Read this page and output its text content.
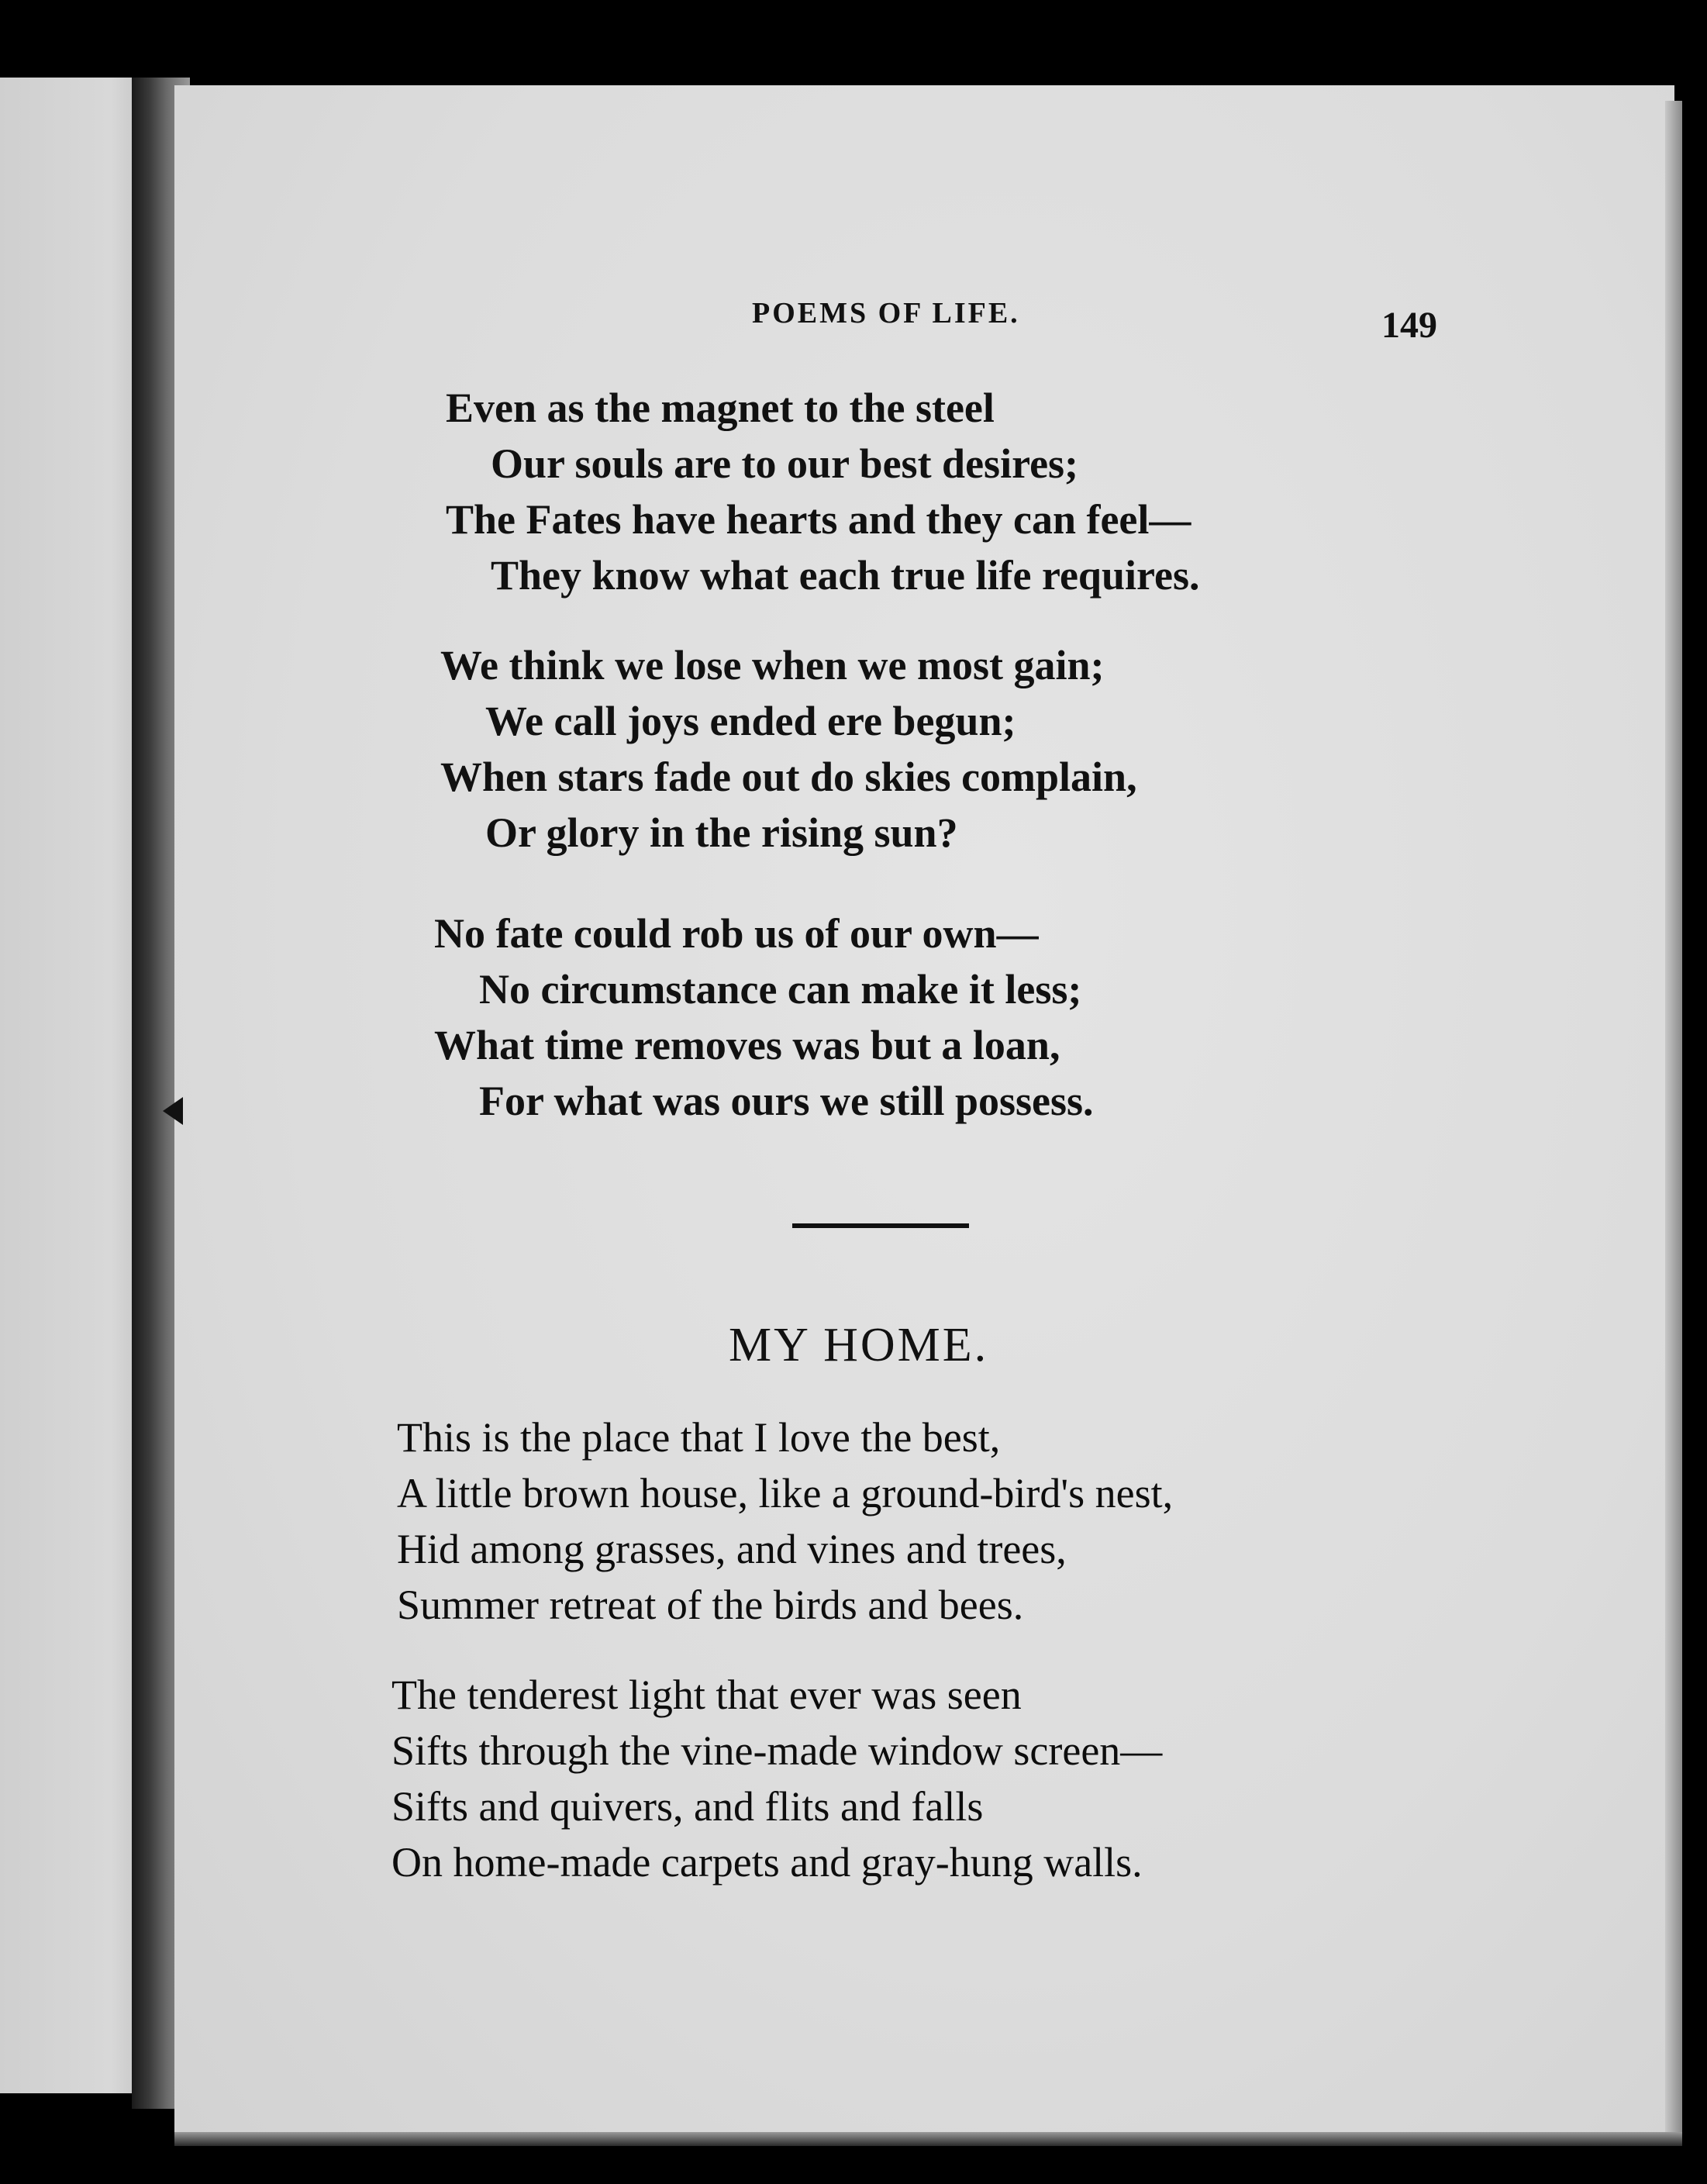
POEMS OF LIFE.	149
Even as the magnet to the steel
Our souls are to our best desires;
The Fates have hearts and they can feel—
They know what each true life requires.
We think we lose when we most gain;
We call joys ended ere begun;
When stars fade out do skies complain,
Or glory in the rising sun?
No fate could rob us of our own—
No circumstance can make it less;
What time removes was but a loan,
For what was ours we still possess.
MY HOME.
This is the place that I love the best,
A little brown house, like a ground-bird's nest,
Hid among grasses, and vines and trees,
Summer retreat of the birds and bees.
The tenderest light that ever was seen
Sifts through the vine-made window screen—
Sifts and quivers, and flits and falls
On home-made carpets and gray-hung walls.
